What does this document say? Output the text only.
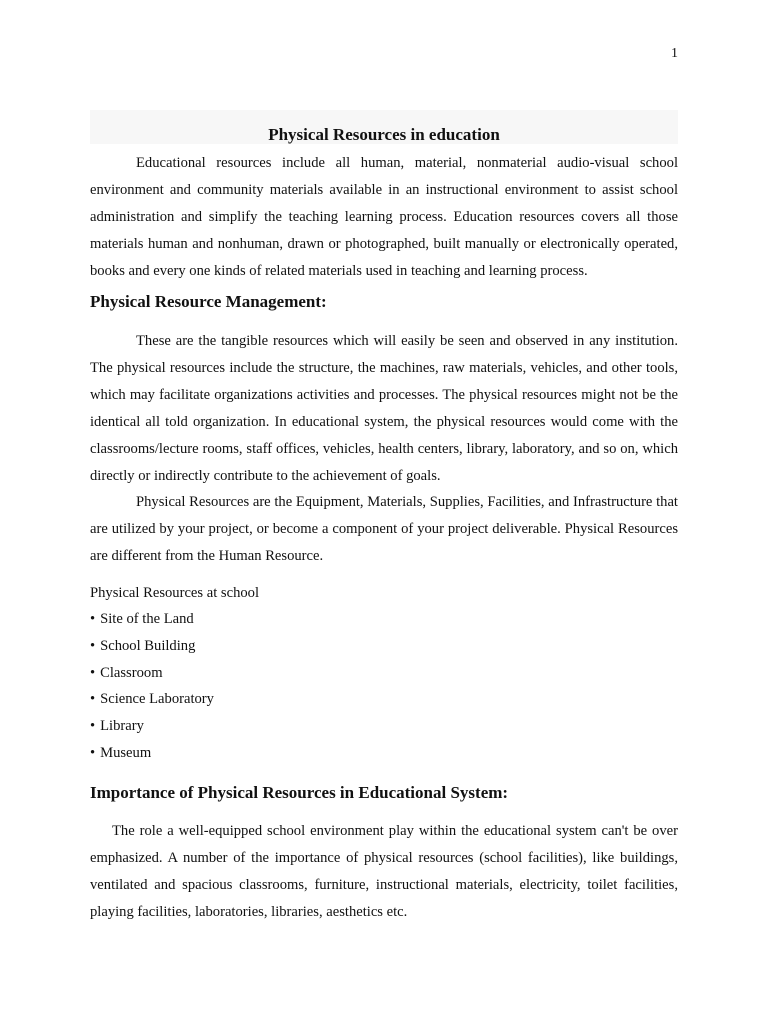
1
Physical Resources in education

Educational resources include all human, material, nonmaterial audio-visual school environment and community materials available in an instructional environment to assist school administration and simplify the teaching learning process. Education resources covers all those materials human and nonhuman, drawn or photographed, built manually or electronically operated, books and every one kinds of related materials used in teaching and learning process.

Physical Resource Management:

These are the tangible resources which will easily be seen and observed in any institution. The physical resources include the structure, the machines, raw materials, vehicles, and other tools, which may facilitate organizations activities and processes. The physical resources might not be the identical all told organization. In educational system, the physical resources would come with the classrooms/lecture rooms, staff offices, vehicles, health centers, library, laboratory, and so on, which directly or indirectly contribute to the achievement of goals.

Physical Resources are the Equipment, Materials, Supplies, Facilities, and Infrastructure that are utilized by your project, or become a component of your project deliverable. Physical Resources are different from the Human Resource.

Physical Resources at school

• Site of the Land
• School Building
• Classroom
• Science Laboratory
• Library
• Museum
Importance of Physical Resources in Educational System:

The role a well-equipped school environment play within the educational system can't be over emphasized. A number of the importance of physical resources (school facilities), like buildings, ventilated and spacious classrooms, furniture, instructional materials, electricity, toilet facilities, playing facilities, laboratories, libraries, aesthetics etc.
